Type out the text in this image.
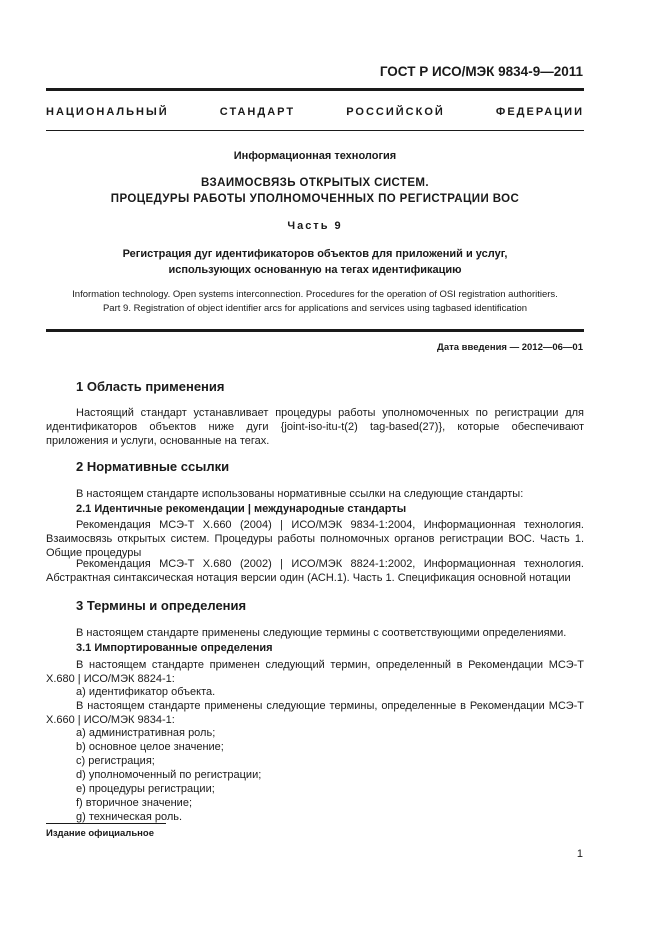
ГОСТ Р ИСО/МЭК 9834-9—2011
НАЦИОНАЛЬНЫЙ СТАНДАРТ РОССИЙСКОЙ ФЕДЕРАЦИИ
Информационная технология
ВЗАИМОСВЯЗЬ ОТКРЫТЫХ СИСТЕМ.
ПРОЦЕДУРЫ РАБОТЫ УПОЛНОМОЧЕННЫХ ПО РЕГИСТРАЦИИ ВОС
Часть 9
Регистрация дуг идентификаторов объектов для приложений и услуг,
использующих основанную на тегах идентификацию
Information technology. Open systems interconnection. Procedures for the operation of OSI registration authoritiers.
Part 9. Registration of object identifier arcs for applications and services using tagbased identification
Дата введения — 2012—06—01
1 Область применения
Настоящий стандарт устанавливает процедуры работы уполномоченных по регистрации для идентификаторов объектов ниже дуги {joint-iso-itu-t(2) tag-based(27)}, которые обеспечивают приложения и услуги, основанные на тегах.
2 Нормативные ссылки
В настоящем стандарте использованы нормативные ссылки на следующие стандарты:
2.1 Идентичные рекомендации | международные стандарты
Рекомендация МСЭ-Т X.660 (2004) | ИСО/МЭК 9834-1:2004, Информационная технология. Взаимосвязь открытых систем. Процедуры работы полномочных органов регистрации ВОС. Часть 1. Общие процедуры
Рекомендация МСЭ-Т X.680 (2002) | ИСО/МЭК 8824-1:2002, Информационная технология. Абстрактная синтаксическая нотация версии один (АСН.1). Часть 1. Спецификация основной нотации
3 Термины и определения
В настоящем стандарте применены следующие термины с соответствующими определениями.
3.1 Импортированные определения
В настоящем стандарте применен следующий термин, определенный в Рекомендации МСЭ-Т X.680 | ИСО/МЭК 8824-1:
а) идентификатор объекта.
В настоящем стандарте применены следующие термины, определенные в Рекомендации МСЭ-Т X.660 | ИСО/МЭК 9834-1:
а) административная роль;
b) основное целое значение;
с) регистрация;
d) уполномоченный по регистрации;
е) процедуры регистрации;
f) вторичное значение;
g) техническая роль.
Издание официальное
1
